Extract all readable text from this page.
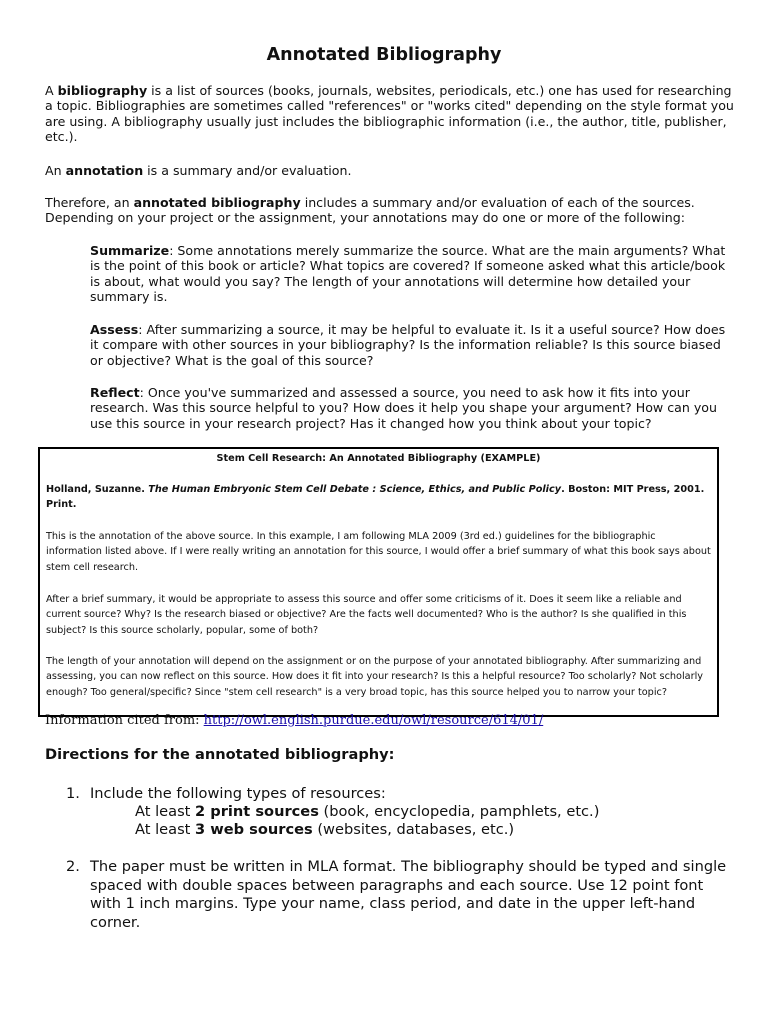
Annotated Bibliography

A bibliography is a list of sources (books, journals, websites, periodicals, etc.) one has used for researching a topic. Bibliographies are sometimes called "references" or "works cited" depending on the style format you are using. A bibliography usually just includes the bibliographic information (i.e., the author, title, publisher, etc.).

An annotation is a summary and/or evaluation.

Therefore, an annotated bibliography includes a summary and/or evaluation of each of the sources. Depending on your project or the assignment, your annotations may do one or more of the following:

Summarize: Some annotations merely summarize the source. What are the main arguments? What is the point of this book or article? What topics are covered? If someone asked what this article/book is about, what would you say? The length of your annotations will determine how detailed your summary is.

Assess: After summarizing a source, it may be helpful to evaluate it. Is it a useful source? How does it compare with other sources in your bibliography? Is the information reliable? Is this source biased or objective? What is the goal of this source?

Reflect: Once you've summarized and assessed a source, you need to ask how it fits into your research. Was this source helpful to you? How does it help you shape your argument? How can you use this source in your research project? Has it changed how you think about your topic?

Stem Cell Research: An Annotated Bibliography (EXAMPLE)

Holland, Suzanne. The Human Embryonic Stem Cell Debate : Science, Ethics, and Public Policy. Boston: MIT Press, 2001. Print.

This is the annotation of the above source. In this example, I am following MLA 2009 (3rd ed.) guidelines for the bibliographic information listed above. If I were really writing an annotation for this source, I would offer a brief summary of what this book says about stem cell research.

After a brief summary, it would be appropriate to assess this source and offer some criticisms of it. Does it seem like a reliable and current source? Why? Is the research biased or objective? Are the facts well documented? Who is the author? Is she qualified in this subject? Is this source scholarly, popular, some of both?

The length of your annotation will depend on the assignment or on the purpose of your annotated bibliography. After summarizing and assessing, you can now reflect on this source. How does it fit into your research? Is this a helpful resource? Too scholarly? Not scholarly enough? Too general/specific? Since "stem cell research" is a very broad topic, has this source helped you to narrow your topic?

Information cited from: http://owl.english.purdue.edu/owl/resource/614/01/
Directions for the annotated bibliography:
1. Include the following types of resources:
At least 2 print sources (book, encyclopedia, pamphlets, etc.)
At least 3 web sources (websites, databases, etc.)
2. The paper must be written in MLA format. The bibliography should be typed and single spaced with double spaces between paragraphs and each source. Use 12 point font with 1 inch margins. Type your name, class period, and date in the upper left-hand corner.
